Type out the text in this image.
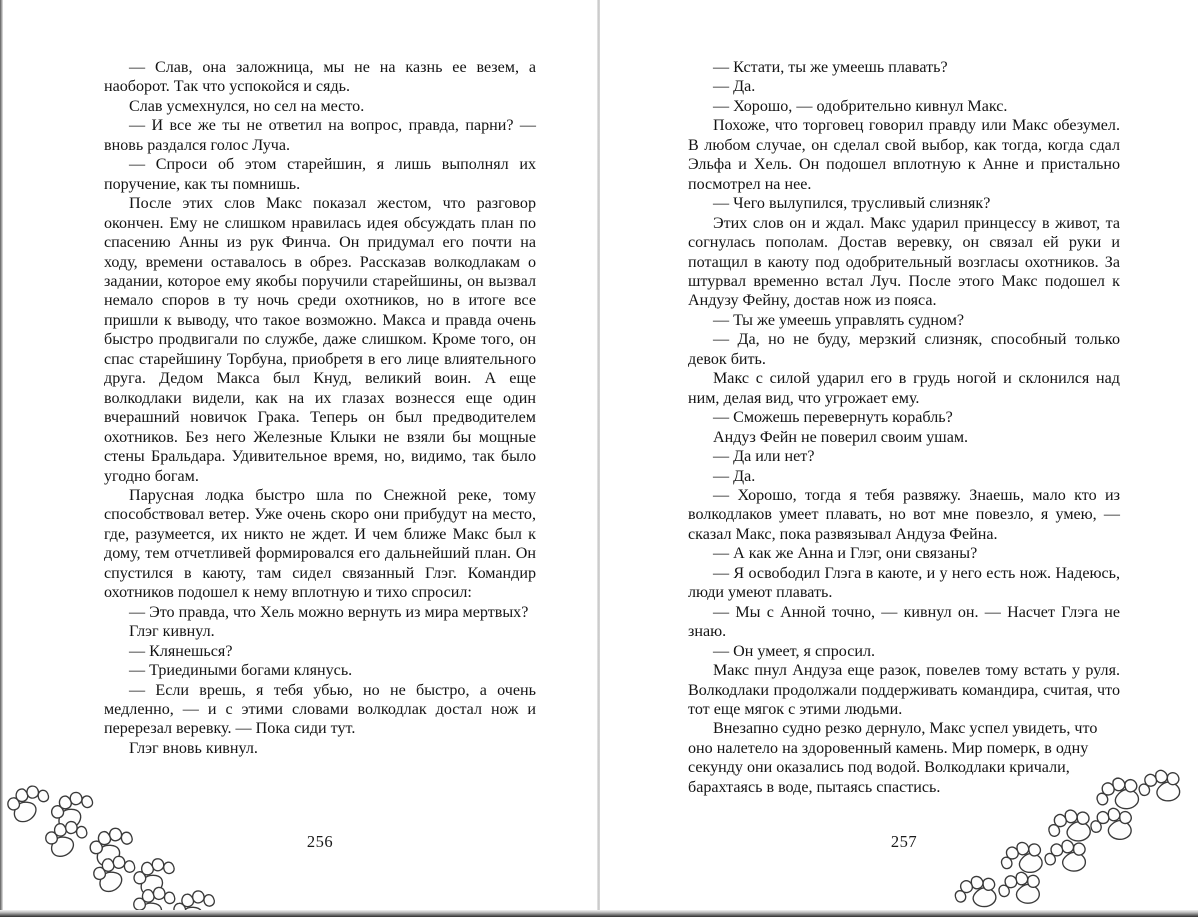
— Слав, она заложница, мы не на казнь ее везем, а наоборот. Так что успокойся и сядь.

Слав усмехнулся, но сел на место.

— И все же ты не ответил на вопрос, правда, парни? — вновь раздался голос Луча.

— Спроси об этом старейшин, я лишь выполнял их поручение, как ты помнишь.

После этих слов Макс показал жестом, что разговор окончен. Ему не слишком нравилась идея обсуждать план по спасению Анны из рук Финча. Он придумал его почти на ходу, времени оставалось в обрез. Рассказав волкодлакам о задании, которое ему якобы поручили старейшины, он вызвал немало споров в ту ночь среди охотников, но в итоге все пришли к выводу, что такое возможно. Макса и правда очень быстро продвигали по службе, даже слишком. Кроме того, он спас старейшину Торбуна, приобретя в его лице влиятельного друга. Дедом Макса был Кнуд, великий воин. А еще волкодлаки видели, как на их глазах вознесся еще один вчерашний новичок Грака. Теперь он был предводителем охотников. Без него Железные Клыки не взяли бы мощные стены Бральдара. Удивительное время, но, видимо, так было угодно богам.

Парусная лодка быстро шла по Снежной реке, тому способствовал ветер. Уже очень скоро они прибудут на место, где, разумеется, их никто не ждет. И чем ближе Макс был к дому, тем отчетливей формировался его дальнейший план. Он спустился в каюту, там сидел связанный Глэг. Командир охотников подошел к нему вплотную и тихо спросил:

— Это правда, что Хель можно вернуть из мира мертвых?

Глэг кивнул.

— Клянешься?

— Триедиными богами клянусь.

— Если врешь, я тебя убью, но не быстро, а очень медленно, — и с этими словами волкодлак достал нож и перерезал веревку. — Пока сиди тут.

Глэг вновь кивнул.

256

— Кстати, ты же умеешь плавать?

— Да.

— Хорошо, — одобрительно кивнул Макс.

Похоже, что торговец говорил правду или Макс обезумел. В любом случае, он сделал свой выбор, как тогда, когда сдал Эльфа и Хель. Он подошел вплотную к Анне и пристально посмотрел на нее.

— Чего вылупился, трусливый слизняк?

Этих слов он и ждал. Макс ударил принцессу в живот, та согнулась пополам. Достав веревку, он связал ей руки и потащил в каюту под одобрительный возгласы охотников. За штурвал временно встал Луч. После этого Макс подошел к Андузу Фейну, достав нож из пояса.

— Ты же умеешь управлять судном?

— Да, но не буду, мерзкий слизняк, способный только девок бить.

Макс с силой ударил его в грудь ногой и склонился над ним, делая вид, что угрожает ему.

— Сможешь перевернуть корабль?

Андуз Фейн не поверил своим ушам.

— Да или нет?

— Да.

— Хорошо, тогда я тебя развяжу. Знаешь, мало кто из волкодлаков умеет плавать, но вот мне повезло, я умею, — сказал Макс, пока развязывал Андуза Фейна.

— А как же Анна и Глэг, они связаны?

— Я освободил Глэга в каюте, и у него есть нож. Надеюсь, люди умеют плавать.

— Мы с Анной точно, — кивнул он. — Насчет Глэга не знаю.

— Он умеет, я спросил.

Макс пнул Андуза еще разок, повелев тому встать у руля. Волкодлаки продолжали поддерживать командира, считая, что тот еще мягок с этими людьми.

Внезапно судно резко дернуло, Макс успел увидеть, что оно налетело на здоровенный камень. Мир померк, в одну секунду они оказались под водой. Волкодлаки кричали, барахтаясь в воде, пытаясь спастись.

257
